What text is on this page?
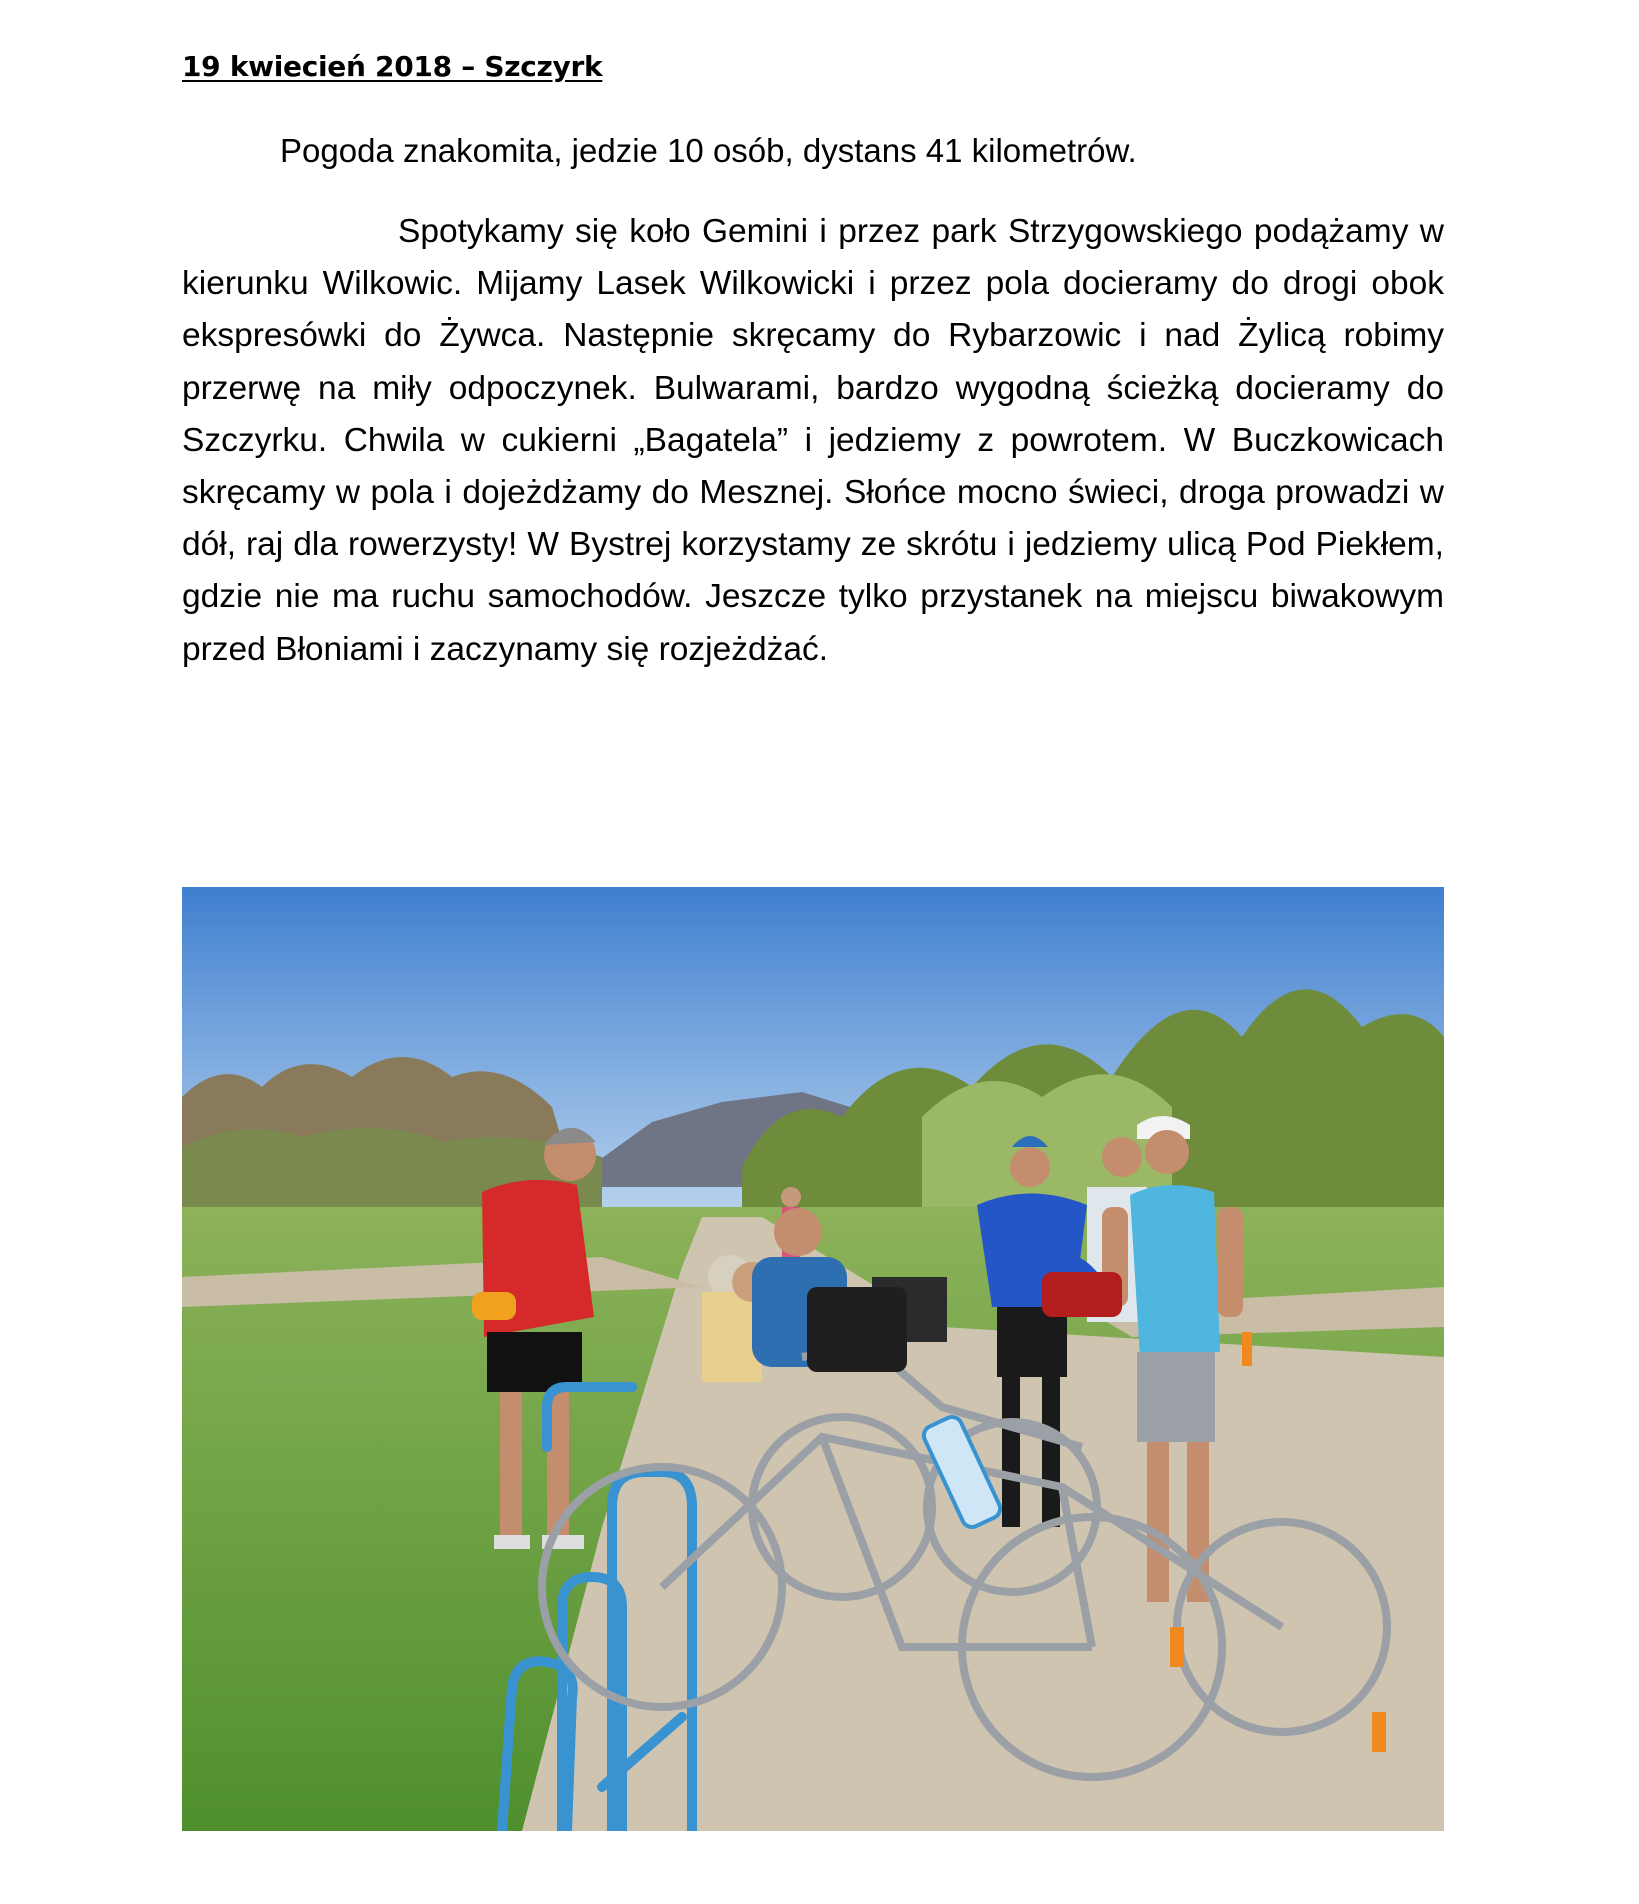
19 kwiecień 2018 – Szczyrk
Pogoda znakomita, jedzie 10 osób, dystans 41 kilometrów.

Spotykamy się koło Gemini i przez park Strzygowskiego podążamy w kierunku Wilkowic. Mijamy Lasek Wilkowicki i przez pola docieramy do drogi obok ekspresówki do Żywca. Następnie skręcamy do Rybarzowic i nad Żylicą robimy przerwę na miły odpoczynek. Bulwarami, bardzo wygodną ścieżką docieramy do Szczyrku. Chwila w cukierni „Bagatela” i jedziemy z powrotem. W Buczkowicach skręcamy w pola i dojeżdżamy do Mesznej. Słońce mocno świeci, droga prowadzi w dół, raj dla rowerzysty! W Bystrej korzystamy ze skrótu i jedziemy ulicą Pod Piekłem, gdzie nie ma ruchu samochodów. Jeszcze tylko przystanek na miejscu biwakowym przed Błoniami i zaczynamy się rozjeżdżać.
